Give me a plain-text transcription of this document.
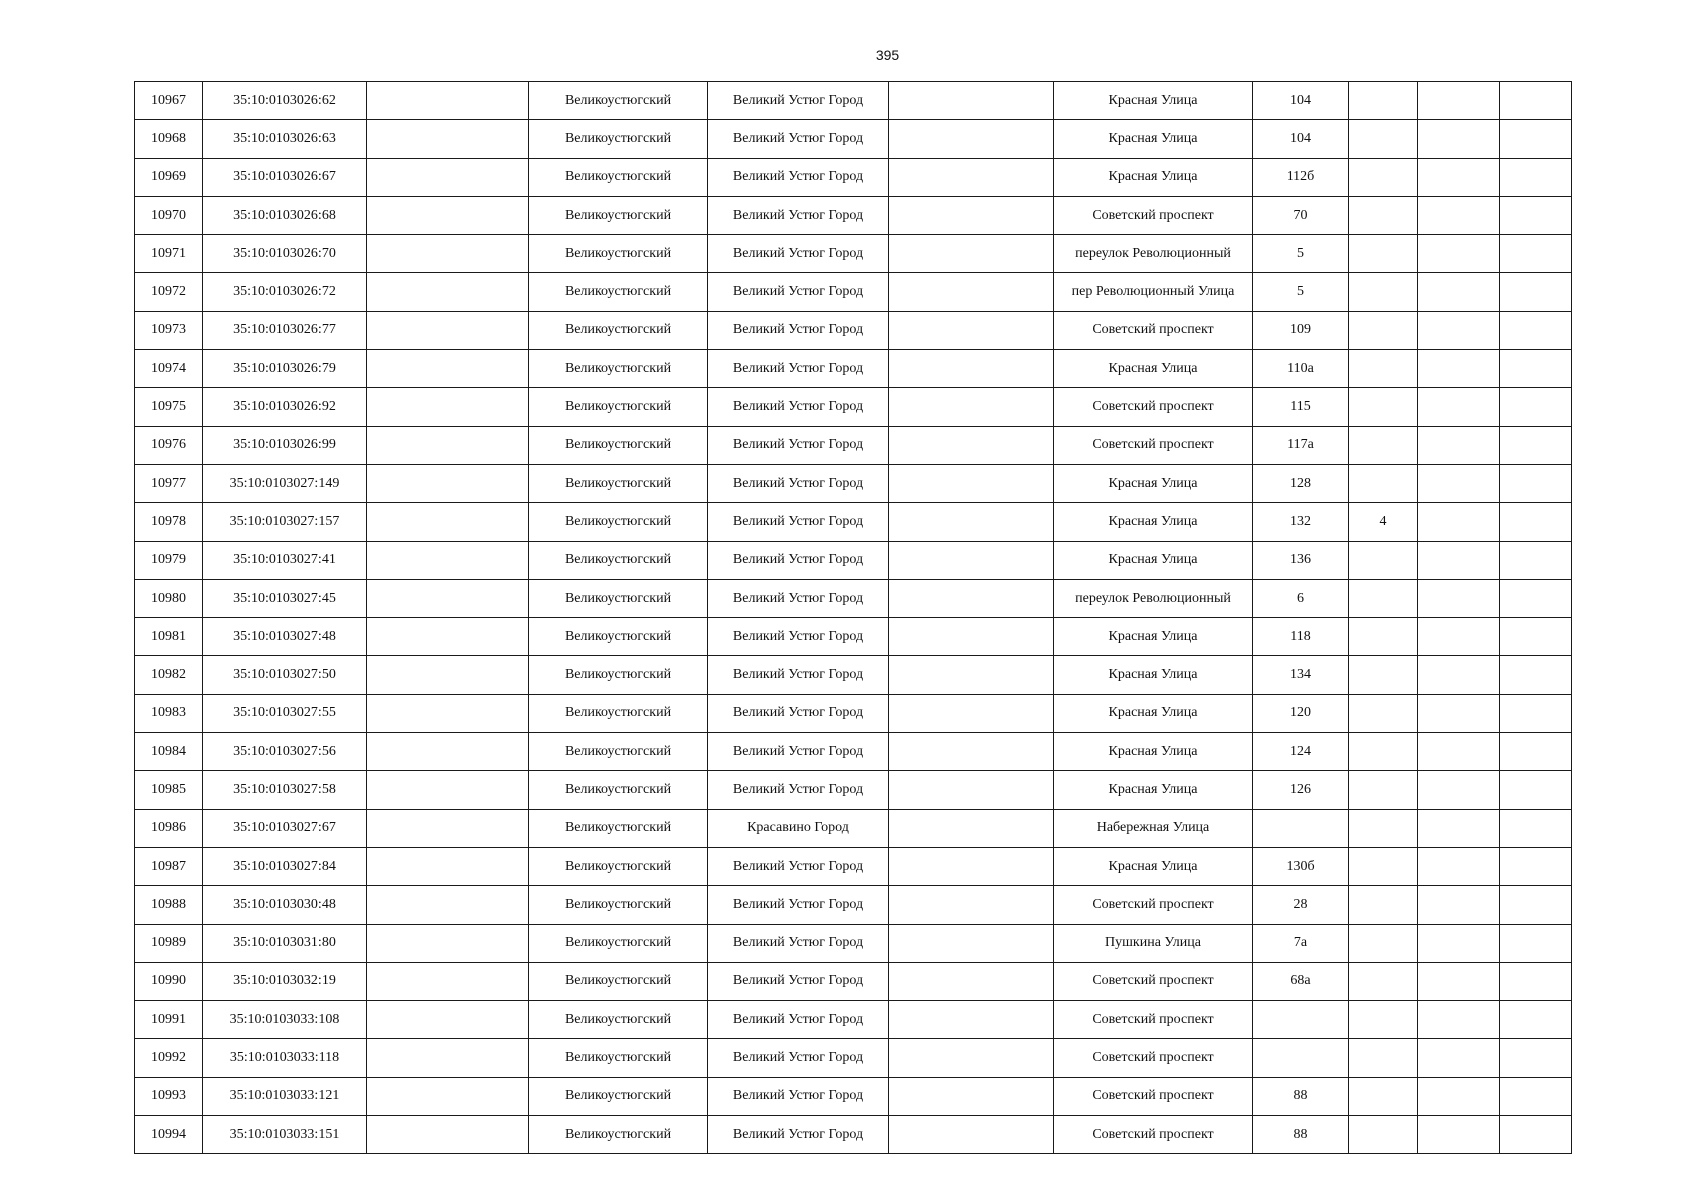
395
10967	35:10:0103026:62		Великоустюгский	Великий Устюг Город		Красная Улица	104			
10968	35:10:0103026:63		Великоустюгский	Великий Устюг Город		Красная Улица	104			
10969	35:10:0103026:67		Великоустюгский	Великий Устюг Город		Красная Улица	112б			
10970	35:10:0103026:68		Великоустюгский	Великий Устюг Город		Советский проспект	70			
10971	35:10:0103026:70		Великоустюгский	Великий Устюг Город		переулок Революционный	5			
10972	35:10:0103026:72		Великоустюгский	Великий Устюг Город		пер Революционный Улица	5			
10973	35:10:0103026:77		Великоустюгский	Великий Устюг Город		Советский проспект	109			
10974	35:10:0103026:79		Великоустюгский	Великий Устюг Город		Красная Улица	110а			
10975	35:10:0103026:92		Великоустюгский	Великий Устюг Город		Советский проспект	115			
10976	35:10:0103026:99		Великоустюгский	Великий Устюг Город		Советский проспект	117а			
10977	35:10:0103027:149		Великоустюгский	Великий Устюг Город		Красная Улица	128			
10978	35:10:0103027:157		Великоустюгский	Великий Устюг Город		Красная Улица	132	4		
10979	35:10:0103027:41		Великоустюгский	Великий Устюг Город		Красная Улица	136			
10980	35:10:0103027:45		Великоустюгский	Великий Устюг Город		переулок Революционный	6			
10981	35:10:0103027:48		Великоустюгский	Великий Устюг Город		Красная Улица	118			
10982	35:10:0103027:50		Великоустюгский	Великий Устюг Город		Красная Улица	134			
10983	35:10:0103027:55		Великоустюгский	Великий Устюг Город		Красная Улица	120			
10984	35:10:0103027:56		Великоустюгский	Великий Устюг Город		Красная Улица	124			
10985	35:10:0103027:58		Великоустюгский	Великий Устюг Город		Красная Улица	126			
10986	35:10:0103027:67		Великоустюгский	Красавино Город		Набережная Улица				
10987	35:10:0103027:84		Великоустюгский	Великий Устюг Город		Красная Улица	130б			
10988	35:10:0103030:48		Великоустюгский	Великий Устюг Город		Советский проспект	28			
10989	35:10:0103031:80		Великоустюгский	Великий Устюг Город		Пушкина Улица	7а			
10990	35:10:0103032:19		Великоустюгский	Великий Устюг Город		Советский проспект	68а			
10991	35:10:0103033:108		Великоустюгский	Великий Устюг Город		Советский проспект				
10992	35:10:0103033:118		Великоустюгский	Великий Устюг Город		Советский проспект				
10993	35:10:0103033:121		Великоустюгский	Великий Устюг Город		Советский проспект	88			
10994	35:10:0103033:151		Великоустюгский	Великий Устюг Город		Советский проспект	88			
